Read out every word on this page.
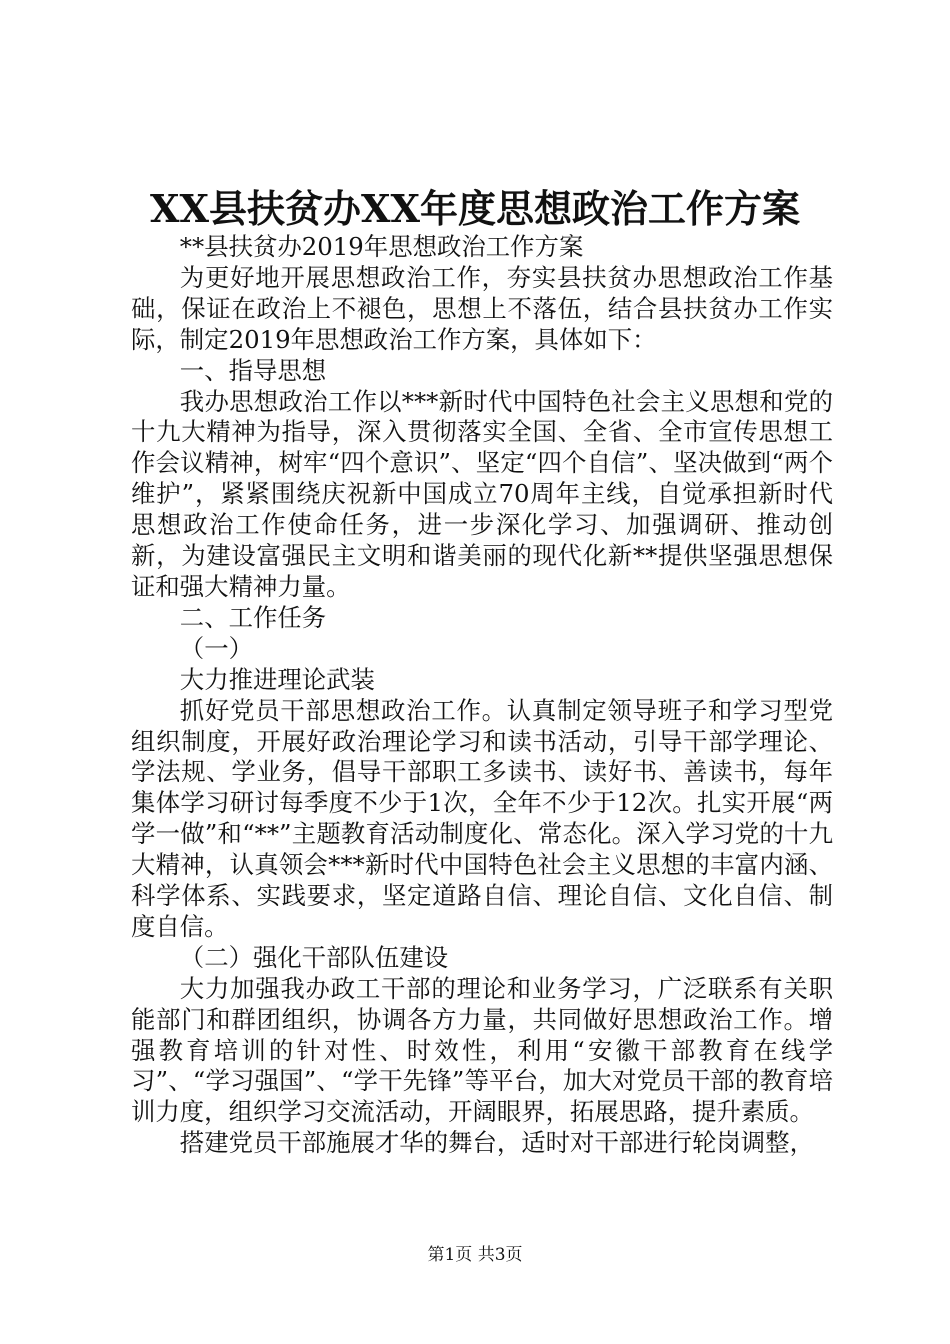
XX县扶贫办XX年度思想政治工作方案

**县扶贫办2019年思想政治工作方案

为更好地开展思想政治工作，夯实县扶贫办思想政治工作基础，保证在政治上不褪色，思想上不落伍，结合县扶贫办工作实际，制定2019年思想政治工作方案，具体如下：

一、指导思想

我办思想政治工作以***新时代中国特色社会主义思想和党的十九大精神为指导，深入贯彻落实全国、全省、全市宣传思想工作会议精神，树牢“四个意识”、坚定“四个自信”、坚决做到“两个维护”，紧紧围绕庆祝新中国成立70周年主线，自觉承担新时代思想政治工作使命任务，进一步深化学习、加强调研、推动创新，为建设富强民主文明和谐美丽的现代化新**提供坚强思想保证和强大精神力量。

二、工作任务

（一）

大力推进理论武装

抓好党员干部思想政治工作。认真制定领导班子和学习型党组织制度，开展好政治理论学习和读书活动，引导干部学理论、学法规、学业务，倡导干部职工多读书、读好书、善读书，每年集体学习研讨每季度不少于1次，全年不少于12次。扎实开展“两学一做”和“**”主题教育活动制度化、常态化。深入学习党的十九大精神，认真领会***新时代中国特色社会主义思想的丰富内涵、科学体系、实践要求，坚定道路自信、理论自信、文化自信、制度自信。

（二）强化干部队伍建设

大力加强我办政工干部的理论和业务学习，广泛联系有关职能部门和群团组织，协调各方力量，共同做好思想政治工作。增强教育培训的针对性、时效性，利用“安徽干部教育在线学习”、“学习强国”、“学干先锋”等平台，加大对党员干部的教育培训力度，组织学习交流活动，开阔眼界，拓展思路，提升素质。

搭建党员干部施展才华的舞台，适时对干部进行轮岗调整，

第1页 共3页
